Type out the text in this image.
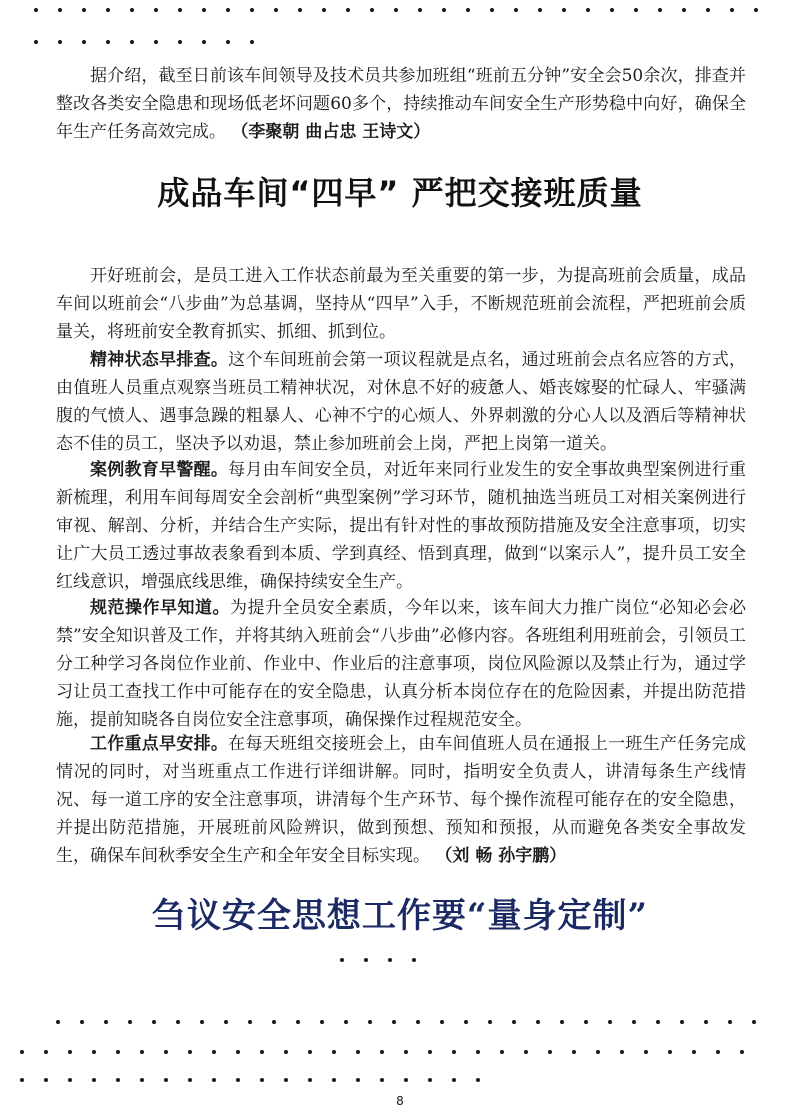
据介绍，截至日前该车间领导及技术员共参加班组“班前五分钟”安全会50余次，排查并整改各类安全隐患和现场低老坏问题60多个，持续推动车间安全生产形势稳中向好，确保全年生产任务高效完成。 （李聚朝 曲占忠 王诗文）

成品车间“四早” 严把交接班质量

开好班前会，是员工进入工作状态前最为至关重要的第一步，为提高班前会质量，成品车间以班前会“八步曲”为总基调，坚持从“四早”入手，不断规范班前会流程，严把班前会质量关，将班前安全教育抓实、抓细、抓到位。

精神状态早排查。这个车间班前会第一项议程就是点名，通过班前会点名应答的方式，由值班人员重点观察当班员工精神状况，对休息不好的疲惫人、婚丧嫁娶的忙碌人、牢骚满腹的气愤人、遇事急躁的粗暴人、心神不宁的心烦人、外界刺激的分心人以及酒后等精神状态不佳的员工，坚决予以劝退，禁止参加班前会上岗，严把上岗第一道关。

案例教育早警醒。每月由车间安全员，对近年来同行业发生的安全事故典型案例进行重新梳理，利用车间每周安全会剖析“典型案例”学习环节，随机抽选当班员工对相关案例进行审视、解剖、分析，并结合生产实际，提出有针对性的事故预防措施及安全注意事项，切实让广大员工透过事故表象看到本质、学到真经、悟到真理，做到“以案示人”，提升员工安全红线意识，增强底线思维，确保持续安全生产。

规范操作早知道。为提升全员安全素质，今年以来，该车间大力推广岗位“必知必会必禁”安全知识普及工作，并将其纳入班前会“八步曲”必修内容。各班组利用班前会，引领员工分工种学习各岗位作业前、作业中、作业后的注意事项，岗位风险源以及禁止行为，通过学习让员工查找工作中可能存在的安全隐患，认真分析本岗位存在的危险因素，并提出防范措施，提前知晓各自岗位安全注意事项，确保操作过程规范安全。

工作重点早安排。在每天班组交接班会上，由车间值班人员在通报上一班生产任务完成情况的同时，对当班重点工作进行详细讲解。同时，指明安全负责人，讲清每条生产线情况、每一道工序的安全注意事项，讲清每个生产环节、每个操作流程可能存在的安全隐患，并提出防范措施，开展班前风险辨识，做到预想、预知和预报，从而避免各类安全事故发生，确保车间秋季安全生产和全年安全目标实现。 （刘 畅 孙宇鹏）

刍议安全思想工作要“量身定制”
8
